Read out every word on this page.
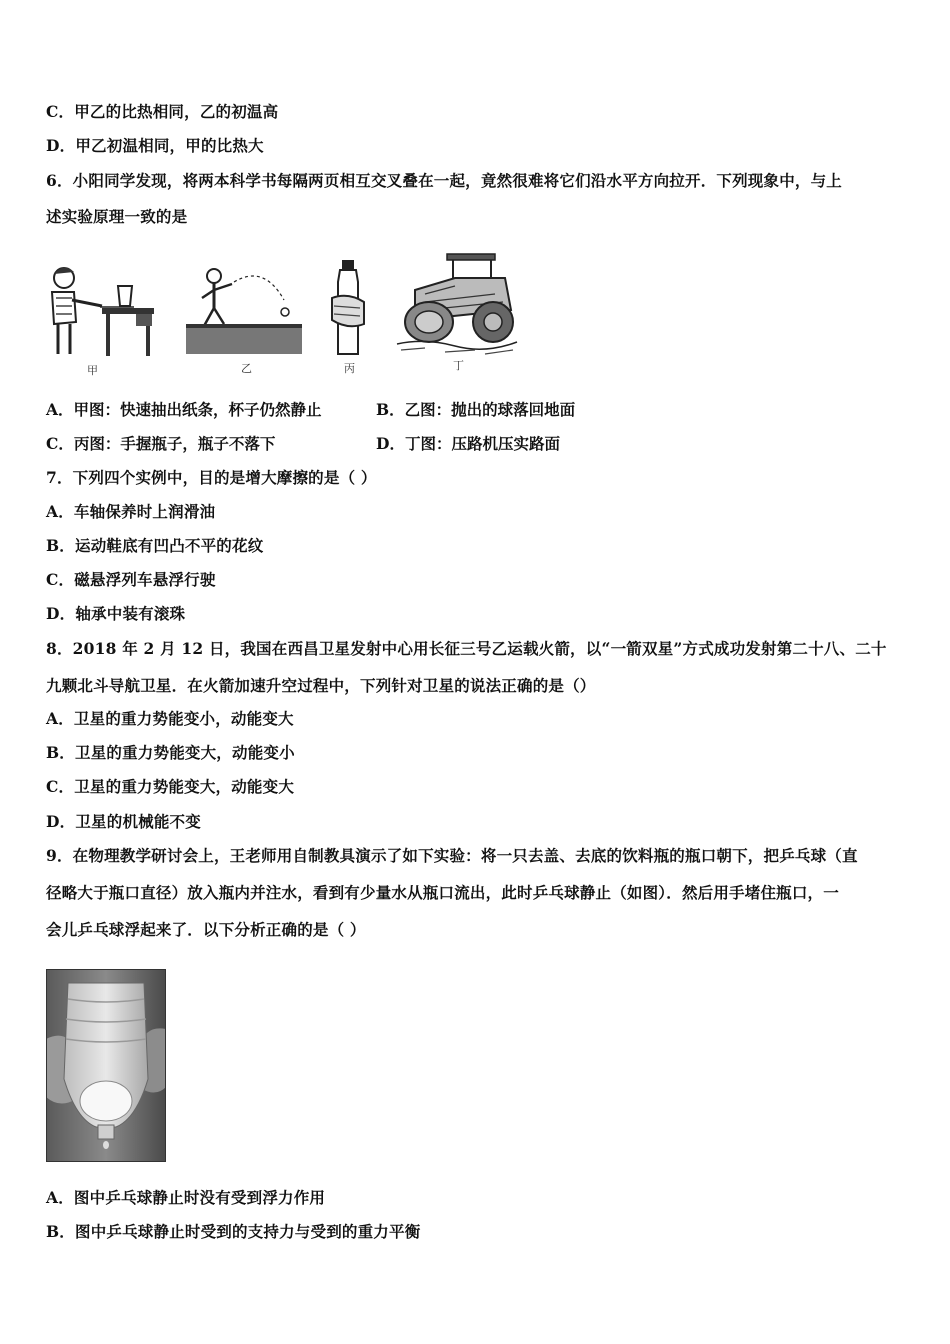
C．甲乙的比热相同，乙的初温高
D．甲乙初温相同，甲的比热大
6．小阳同学发现，将两本科学书每隔两页相互交叉叠在一起，竟然很难将它们沿水平方向拉开．下列现象中，与上
述实验原理一致的是
甲	乙	丙	丁
A．甲图：快速抽出纸条，杯子仍然静止	B．乙图：抛出的球落回地面
C．丙图：手握瓶子，瓶子不落下	D．丁图：压路机压实路面
7．下列四个实例中，目的是增大摩擦的是（ ）
A．车轴保养时上润滑油
B．运动鞋底有凹凸不平的花纹
C．磁悬浮列车悬浮行驶
D．轴承中装有滚珠
8．2018 年 2 月 12 日，我国在西昌卫星发射中心用长征三号乙运载火箭，以“一箭双星”方式成功发射第二十八、二十
九颗北斗导航卫星．在火箭加速升空过程中，下列针对卫星的说法正确的是（）
A．卫星的重力势能变小，动能变大
B．卫星的重力势能变大，动能变小
C．卫星的重力势能变大，动能变大
D．卫星的机械能不变
9．在物理教学研讨会上，王老师用自制教具演示了如下实验：将一只去盖、去底的饮料瓶的瓶口朝下，把乒乓球（直
径略大于瓶口直径）放入瓶内并注水，看到有少量水从瓶口流出，此时乒乓球静止（如图）．然后用手堵住瓶口，一
会儿乒乓球浮起来了．以下分析正确的是（ ）
A．图中乒乓球静止时没有受到浮力作用
B．图中乒乓球静止时受到的支持力与受到的重力平衡
